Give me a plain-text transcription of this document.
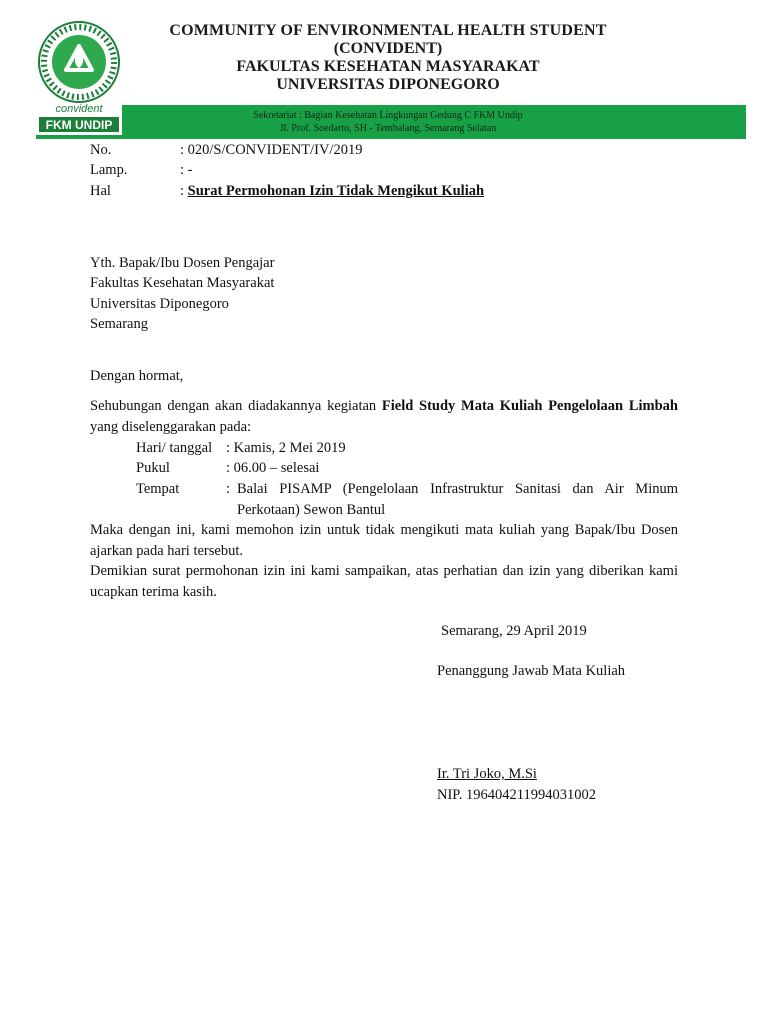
convident
FKM UNDIP
COMMUNITY OF ENVIRONMENTAL HEALTH STUDENT
(CONVIDENT)
FAKULTAS KESEHATAN MASYARAKAT
UNIVERSITAS DIPONEGORO
Sekretariat : Bagian Kesehatan Lingkungan Gedung C FKM Undip
Jl. Prof. Soedarto, SH - Tembalang, Semarang Selatan
No.	: 020/S/CONVIDENT/IV/2019
Lamp.	: -
Hal	: Surat Permohonan Izin Tidak Mengikut Kuliah
Yth. Bapak/Ibu Dosen Pengajar
Fakultas Kesehatan Masyarakat
Universitas Diponegoro
Semarang
Dengan hormat,
Sehubungan dengan akan diadakannya kegiatan Field Study Mata Kuliah Pengelolaan Limbah yang diselenggarakan pada:
Hari/ tanggal : Kamis, 2 Mei 2019
Pukul	: 06.00 – selesai
Tempat	: Balai PISAMP (Pengelolaan Infrastruktur Sanitasi dan Air Minum Perkotaan) Sewon Bantul
Maka dengan ini, kami memohon izin untuk tidak mengikuti mata kuliah yang Bapak/Ibu Dosen ajarkan pada hari tersebut.
Demikian surat permohonan izin ini kami sampaikan, atas perhatian dan izin yang diberikan kami ucapkan terima kasih.
Semarang, 29 April 2019
Penanggung Jawab Mata Kuliah
Ir. Tri Joko, M.Si
NIP. 196404211994031002
